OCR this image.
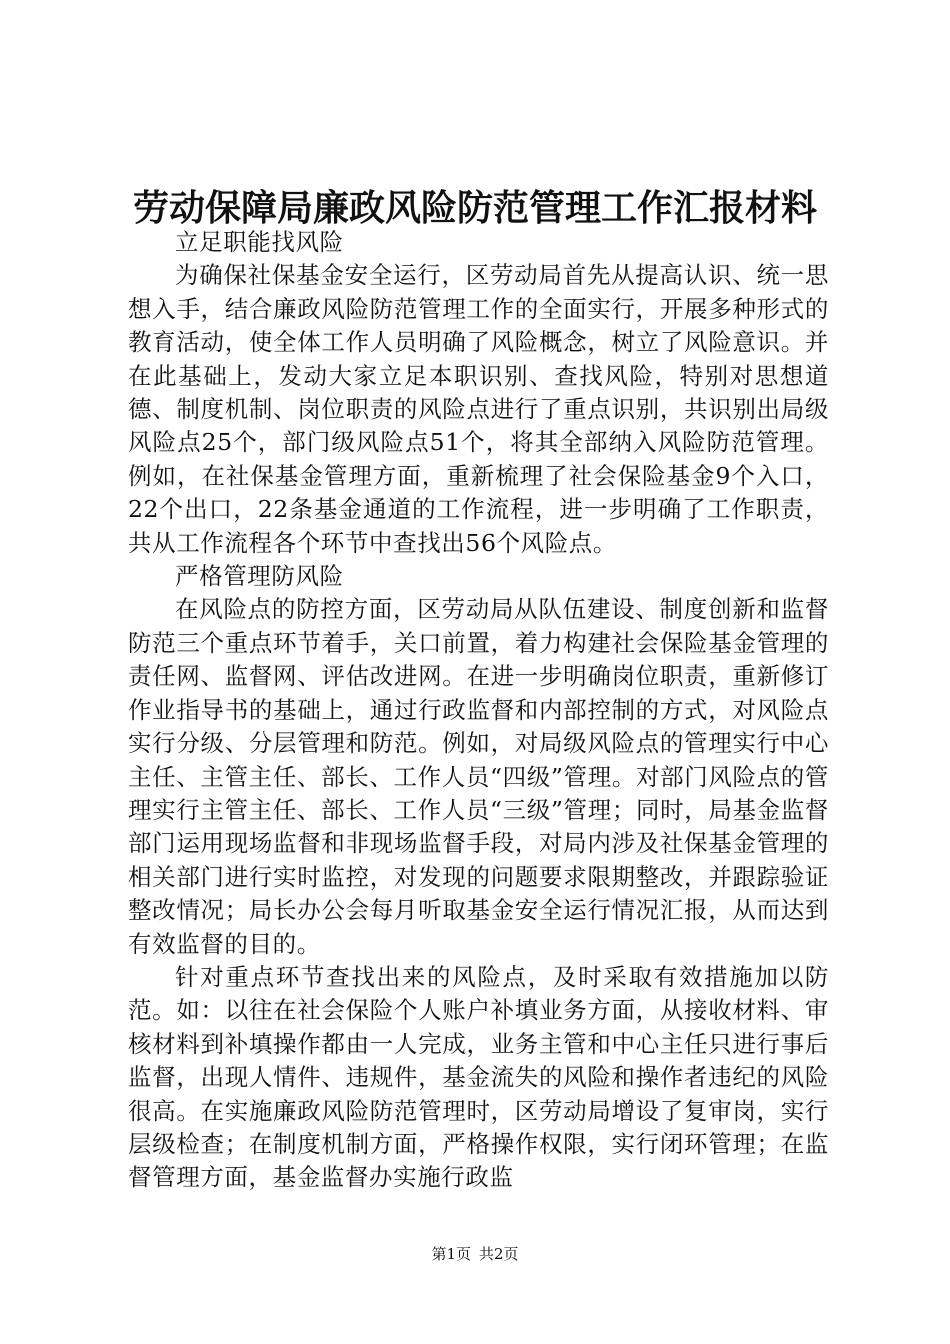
劳动保障局廉政风险防范管理工作汇报材料

立足职能找风险

为确保社保基金安全运行，区劳动局首先从提高认识、统一思想入手，结合廉政风险防范管理工作的全面实行，开展多种形式的教育活动，使全体工作人员明确了风险概念，树立了风险意识。并在此基础上，发动大家立足本职识别、查找风险，特别对思想道德、制度机制、岗位职责的风险点进行了重点识别，共识别出局级风险点25个，部门级风险点51个，将其全部纳入风险防范管理。例如，在社保基金管理方面，重新梳理了社会保险基金9个入口，22个出口，22条基金通道的工作流程，进一步明确了工作职责，共从工作流程各个环节中查找出56个风险点。

严格管理防风险

在风险点的防控方面，区劳动局从队伍建设、制度创新和监督防范三个重点环节着手，关口前置，着力构建社会保险基金管理的责任网、监督网、评估改进网。在进一步明确岗位职责，重新修订作业指导书的基础上，通过行政监督和内部控制的方式，对风险点实行分级、分层管理和防范。例如，对局级风险点的管理实行中心主任、主管主任、部长、工作人员“四级”管理。对部门风险点的管理实行主管主任、部长、工作人员“三级”管理；同时，局基金监督部门运用现场监督和非现场监督手段，对局内涉及社保基金管理的相关部门进行实时监控，对发现的问题要求限期整改，并跟踪验证整改情况；局长办公会每月听取基金安全运行情况汇报，从而达到有效监督的目的。

针对重点环节查找出来的风险点，及时采取有效措施加以防范。如：以往在社会保险个人账户补填业务方面，从接收材料、审核材料到补填操作都由一人完成，业务主管和中心主任只进行事后监督，出现人情件、违规件，基金流失的风险和操作者违纪的风险很高。在实施廉政风险防范管理时，区劳动局增设了复审岗，实行层级检查；在制度机制方面，严格操作权限，实行闭环管理；在监督管理方面，基金监督办实施行政监

第1页 共2页
